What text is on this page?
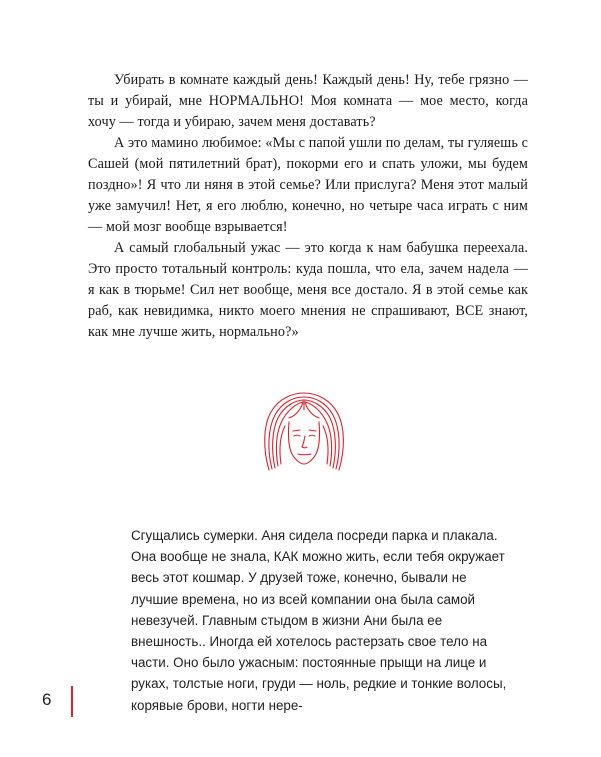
Убирать в комнате каждый день! Каждый день! Ну, тебе грязно — ты и убирай, мне НОРМАЛЬНО! Моя комната — мое место, когда хочу — тогда и убираю, зачем меня доставать?

А это мамино любимое: «Мы с папой ушли по делам, ты гуляешь с Сашей (мой пятилетний брат), покорми его и спать уложи, мы будем поздно»! Я что ли няня в этой семье? Или прислуга? Меня этот малый уже замучил! Нет, я его люблю, конечно, но четыре часа играть с ним — мой мозг вообще взрывается!

А самый глобальный ужас — это когда к нам бабушка переехала. Это просто тотальный контроль: куда пошла, что ела, зачем надела — я как в тюрьме! Сил нет вообще, меня все достало. Я в этой семье как раб, как невидимка, никто моего мнения не спрашивают, ВСЕ знают, как мне лучше жить, нормально?»

Сгущались сумерки. Аня сидела посреди парка и плакала. Она вообще не знала, КАК можно жить, если тебя окружает весь этот кошмар. У друзей тоже, конечно, бывали не лучшие времена, но из всей компании она была самой невезучей. Главным стыдом в жизни Ани была ее внешность.. Иногда ей хотелось растерзать свое тело на части. Оно было ужасным: постоянные прыщи на лице и руках, толстые ноги, груди — ноль, редкие и тонкие волосы, корявые брови, ногти нере-

6
